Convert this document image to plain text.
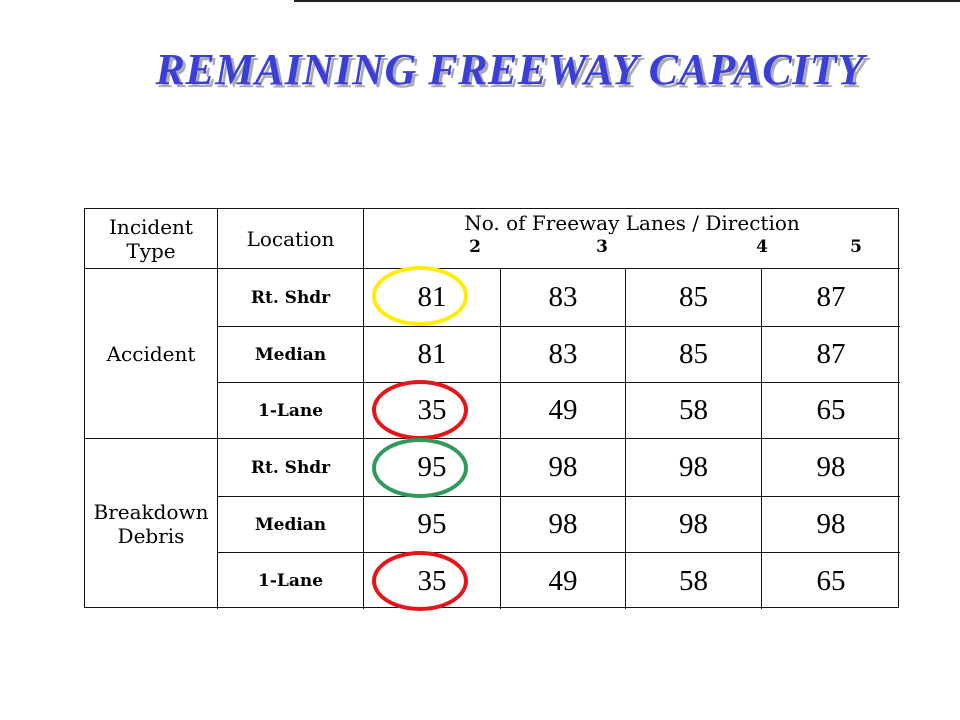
REMAINING FREEWAY CAPACITY
Incident Type	Location
No. of Freeway Lanes / Direction
2	3	4	5
Accident
Rt. Shdr	81	83	85	87
Median	81	83	85	87
1-Lane	35	49	58	65
Breakdown Debris
Rt. Shdr	95	98	98	98
Median	95	98	98	98
1-Lane	35	49	58	65
